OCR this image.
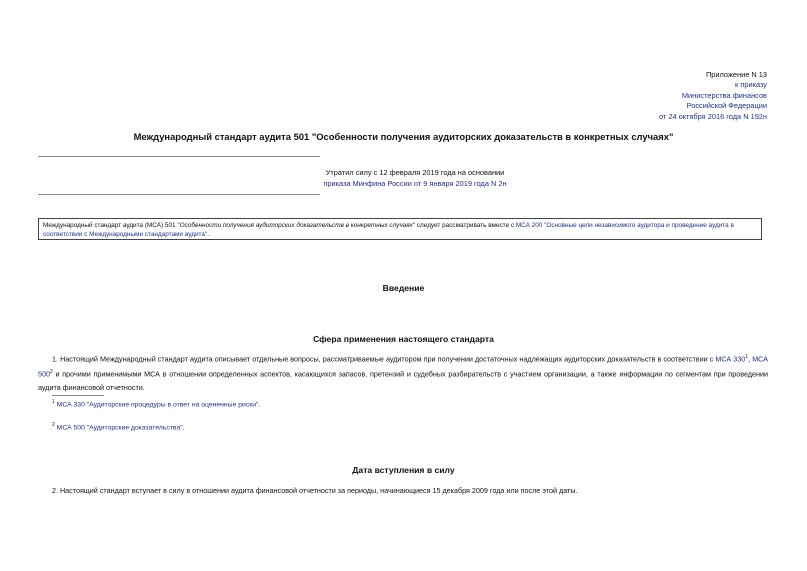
Приложение N 13
к приказу
Министерства финансов
Российской Федерации
от 24 октября 2016 года N 192н
Международный стандарт аудита 501 "Особенности получения аудиторских доказательств в конкретных случаях"
Утратил силу с 12 февраля 2019 года на основании
приказа Минфина России от 9 января 2019 года N 2н
Международный стандарт аудита (МСА) 501 "Особенности получения аудиторских доказательств в конкретных случаях" следует рассматривать вместе с МСА 200 "Основные цели независимого аудитора и проведение аудита в соответствии с Международными стандартами аудита".
Введение
Сфера применения настоящего стандарта
1. Настоящий Международный стандарт аудита описывает отдельные вопросы, рассматриваемые аудитором при получении достаточных надлежащих аудиторских доказательств в соответствии с МСА $330^1$, МСА $500^2$ и прочими применимыми МСА в отношении определенных аспектов, касающихся запасов, претензий и судебных разбирательств с участием организации, а также информации по сегментам при проведении аудита финансовой отчетности.
$^1$ МСА 330 "Аудиторские процедуры в ответ на оцененные риски".
$^2$ МСА 500 "Аудиторские доказательства".
Дата вступления в силу
2. Настоящий стандарт вступает в силу в отношении аудита финансовой отчетности за периоды, начинающиеся 15 декабря 2009 года или после этой даты.
